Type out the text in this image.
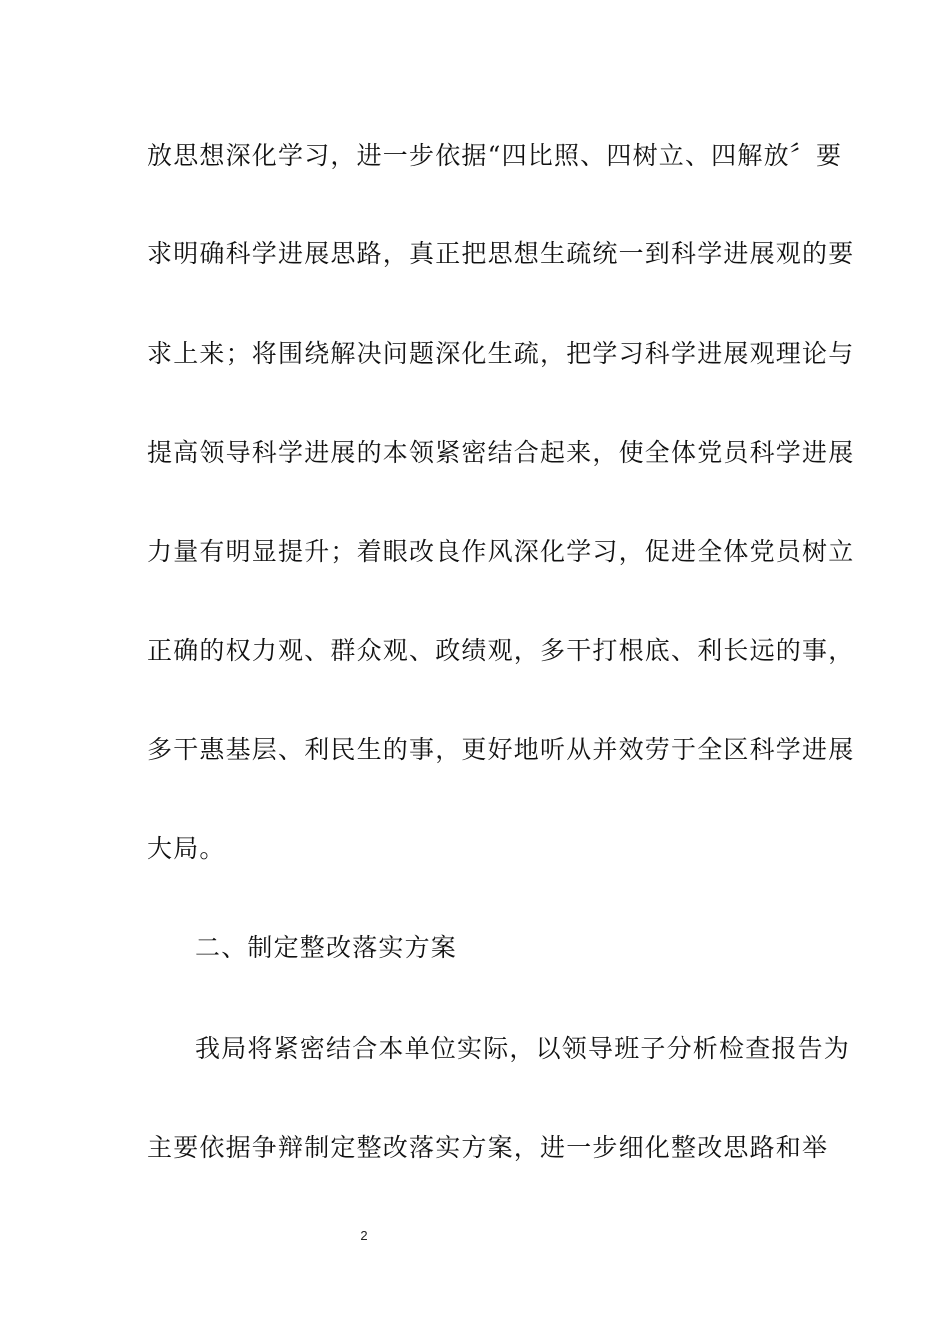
放思想深化学习，进一步依据“四比照、四树立、四解放〞要
求明确科学进展思路，真正把思想生疏统一到科学进展观的要
求上来；将围绕解决问题深化生疏，把学习科学进展观理论与
提高领导科学进展的本领紧密结合起来，使全体党员科学进展
力量有明显提升；着眼改良作风深化学习，促进全体党员树立
正确的权力观、群众观、政绩观，多干打根底、利长远的事，
多干惠基层、利民生的事，更好地听从并效劳于全区科学进展
大局。
二、制定整改落实方案
我局将紧密结合本单位实际，以领导班子分析检查报告为
主要依据争辩制定整改落实方案，进一步细化整改思路和举
2
